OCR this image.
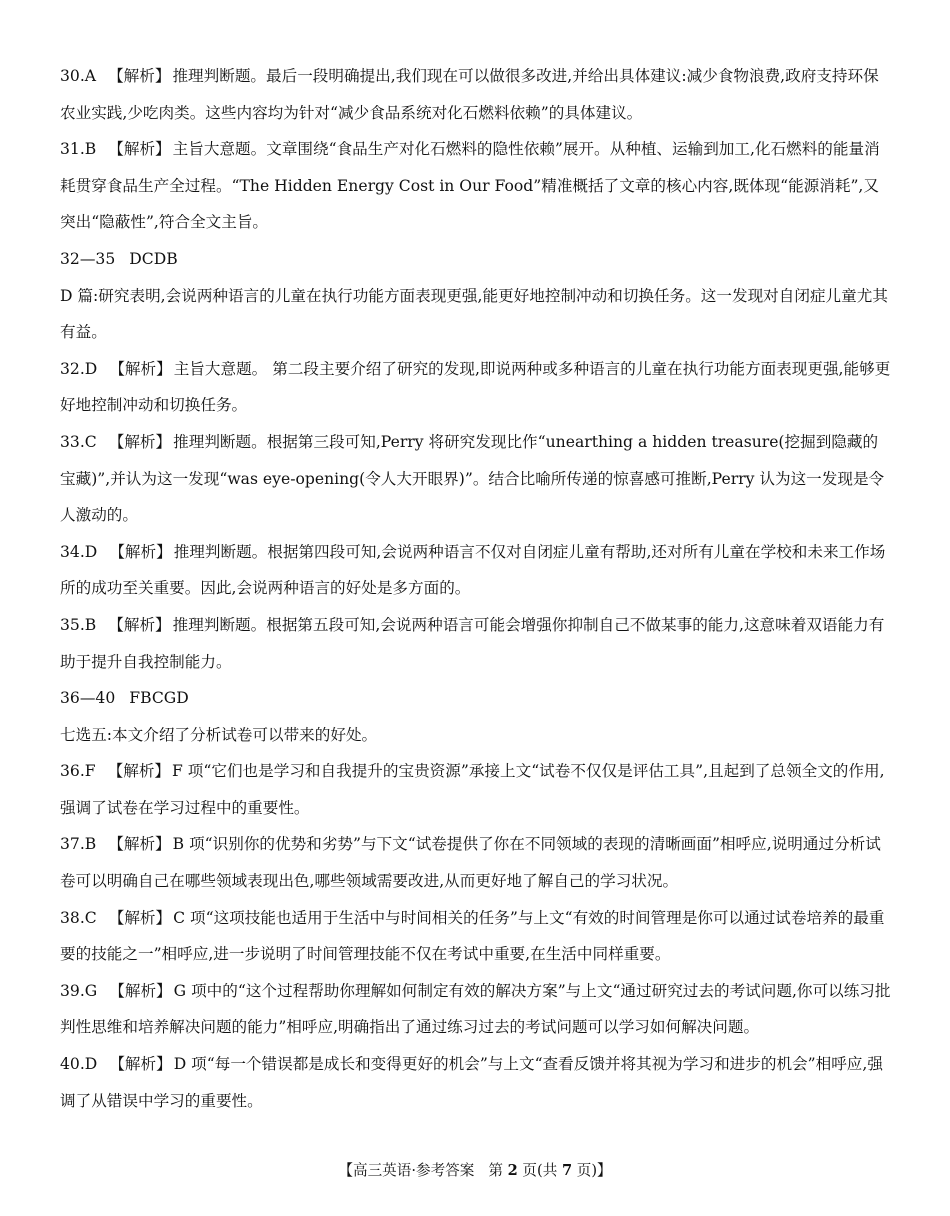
30.A 【解析】 推理判断题。最后一段明确提出,我们现在可以做很多改进,并给出具体建议:减少食物浪费,政府支持环保农业实践,少吃肉类。这些内容均为针对“减少食品系统对化石燃料依赖”的具体建议。

31.B 【解析】 主旨大意题。文章围绕“食品生产对化石燃料的隐性依赖”展开。从种植、运输到加工,化石燃料的能量消耗贯穿食品生产全过程。“The Hidden Energy Cost in Our Food”精准概括了文章的核心内容,既体现“能源消耗”,又突出“隐蔽性”,符合全文主旨。

32—35 DCDB

D 篇:研究表明,会说两种语言的儿童在执行功能方面表现更强,能更好地控制冲动和切换任务。这一发现对自闭症儿童尤其有益。

32.D 【解析】 主旨大意题。 第二段主要介绍了研究的发现,即说两种或多种语言的儿童在执行功能方面表现更强,能够更好地控制冲动和切换任务。

33.C 【解析】 推理判断题。根据第三段可知,Perry 将研究发现比作“unearthing a hidden treasure(挖掘到隐藏的宝藏)”,并认为这一发现“was eye-opening(令人大开眼界)”。结合比喻所传递的惊喜感可推断,Perry 认为这一发现是令人激动的。

34.D 【解析】 推理判断题。根据第四段可知,会说两种语言不仅对自闭症儿童有帮助,还对所有儿童在学校和未来工作场所的成功至关重要。因此,会说两种语言的好处是多方面的。

35.B 【解析】 推理判断题。根据第五段可知,会说两种语言可能会增强你抑制自己不做某事的能力,这意味着双语能力有助于提升自我控制能力。

36—40 FBCGD

七选五:本文介绍了分析试卷可以带来的好处。

36.F 【解析】 F 项“它们也是学习和自我提升的宝贵资源”承接上文“试卷不仅仅是评估工具”,且起到了总领全文的作用,强调了试卷在学习过程中的重要性。

37.B 【解析】 B 项“识别你的优势和劣势”与下文“试卷提供了你在不同领域的表现的清晰画面”相呼应,说明通过分析试卷可以明确自己在哪些领域表现出色,哪些领域需要改进,从而更好地了解自己的学习状况。

38.C 【解析】 C 项“这项技能也适用于生活中与时间相关的任务”与上文“有效的时间管理是你可以通过试卷培养的最重要的技能之一”相呼应,进一步说明了时间管理技能不仅在考试中重要,在生活中同样重要。

39.G 【解析】 G 项中的“这个过程帮助你理解如何制定有效的解决方案”与上文“通过研究过去的考试问题,你可以练习批判性思维和培养解决问题的能力”相呼应,明确指出了通过练习过去的考试问题可以学习如何解决问题。

40.D 【解析】 D 项“每一个错误都是成长和变得更好的机会”与上文“查看反馈并将其视为学习和进步的机会”相呼应,强调了从错误中学习的重要性。

【高三英语·参考答案 第 2 页(共 7 页)】
